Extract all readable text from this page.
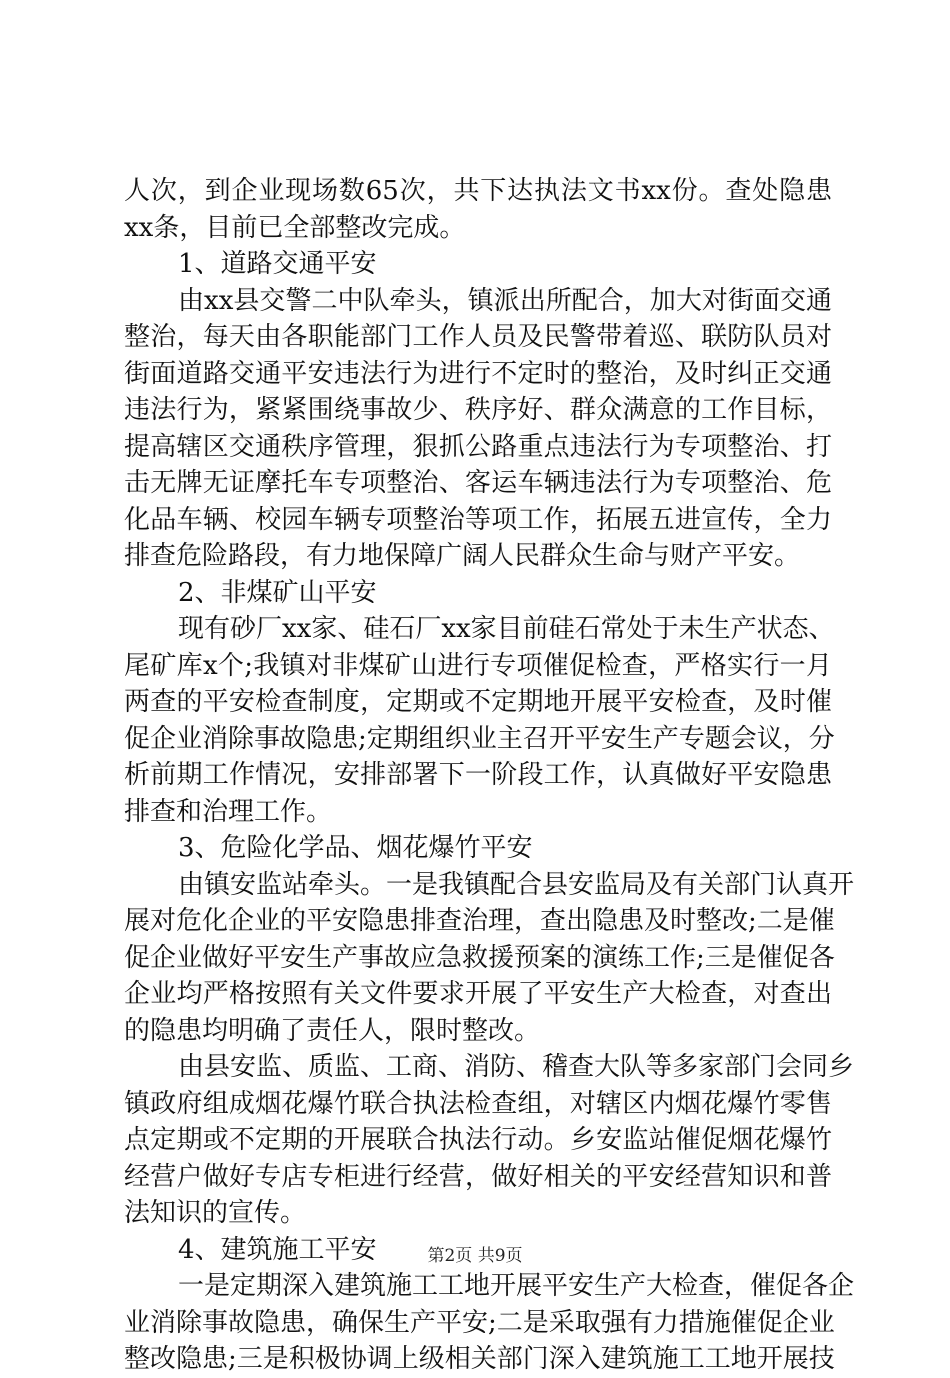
人次，到企业现场数65次，共下达执法文书xx份。查处隐患
xx条，目前已全部整改完成。
1、道路交通平安
由xx县交警二中队牵头，镇派出所配合，加大对街面交通
整治，每天由各职能部门工作人员及民警带着巡、联防队员对
街面道路交通平安违法行为进行不定时的整治，及时纠正交通
违法行为，紧紧围绕事故少、秩序好、群众满意的工作目标，
提高辖区交通秩序管理，狠抓公路重点违法行为专项整治、打
击无牌无证摩托车专项整治、客运车辆违法行为专项整治、危
化品车辆、校园车辆专项整治等项工作，拓展五进宣传，全力
排查危险路段，有力地保障广阔人民群众生命与财产平安。
2、非煤矿山平安
现有砂厂xx家、硅石厂xx家目前硅石常处于未生产状态、
尾矿库x个;我镇对非煤矿山进行专项催促检查，严格实行一月
两查的平安检查制度，定期或不定期地开展平安检查，及时催
促企业消除事故隐患;定期组织业主召开平安生产专题会议，分
析前期工作情况，安排部署下一阶段工作，认真做好平安隐患
排查和治理工作。
3、危险化学品、烟花爆竹平安
由镇安监站牵头。一是我镇配合县安监局及有关部门认真开
展对危化企业的平安隐患排查治理，查出隐患及时整改;二是催
促企业做好平安生产事故应急救援预案的演练工作;三是催促各
企业均严格按照有关文件要求开展了平安生产大检查，对查出
的隐患均明确了责任人，限时整改。
由县安监、质监、工商、消防、稽查大队等多家部门会同乡
镇政府组成烟花爆竹联合执法检查组，对辖区内烟花爆竹零售
点定期或不定期的开展联合执法行动。乡安监站催促烟花爆竹
经营户做好专店专柜进行经营，做好相关的平安经营知识和普
法知识的宣传。
4、建筑施工平安
一是定期深入建筑施工工地开展平安生产大检查，催促各企
业消除事故隐患，确保生产平安;二是采取强有力措施催促企业
整改隐患;三是积极协调上级相关部门深入建筑施工工地开展技
第2页 共9页
